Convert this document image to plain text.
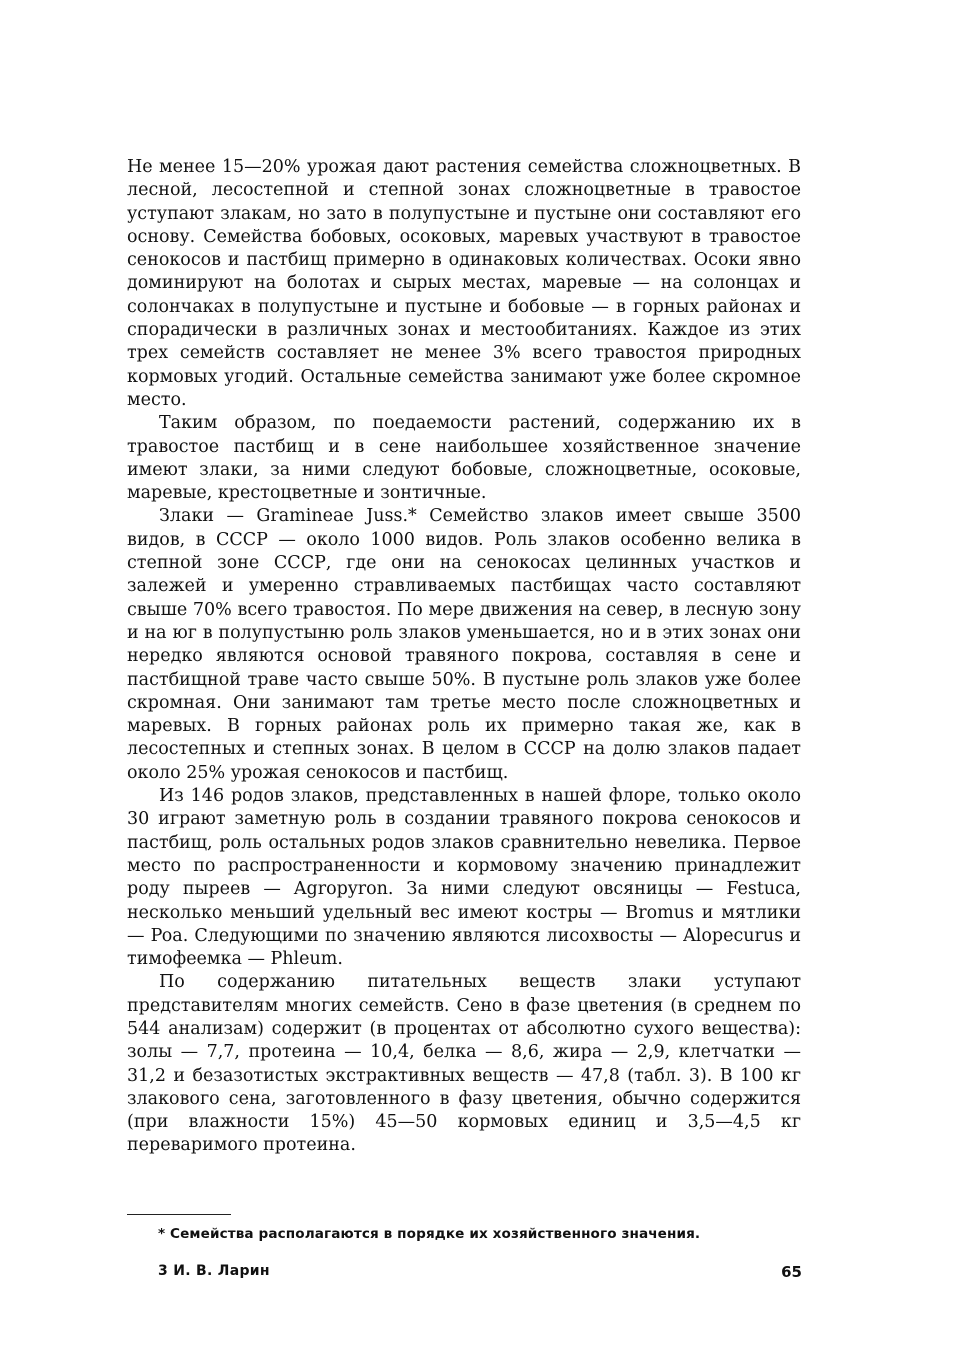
Не менее 15—20% урожая дают растения семейства сложноцветных. В лесной, лесостепной и степной зонах сложноцветные в травостое уступают злакам, но зато в полупустыне и пустыне они составляют его основу. Семейства бобовых, осоковых, маревых участвуют в травостое сенокосов и пастбищ примерно в одинаковых количествах. Осоки явно доминируют на болотах и сырых местах, маревые — на солонцах и солончаках в полупустыне и пустыне и бобовые — в горных районах и спорадически в различных зонах и местообитаниях. Каждое из этих трех семейств составляет не менее 3% всего травостоя природных кормовых угодий. Остальные семейства занимают уже более скромное место.

Таким образом, по поедаемости растений, содержанию их в травостое пастбищ и в сене наибольшее хозяйственное значение имеют злаки, за ними следуют бобовые, сложноцветные, осоковые, маревые, крестоцветные и зонтичные.

Злаки — Gramineae Juss.* Семейство злаков имеет свыше 3500 видов, в СССР — около 1000 видов. Роль злаков особенно велика в степной зоне СССР, где они на сенокосах целинных участков и залежей и умеренно стравливаемых пастбищах часто составляют свыше 70% всего травостоя. По мере движения на север, в лесную зону и на юг в полупустыню роль злаков уменьшается, но и в этих зонах они нередко являются основой травяного покрова, составляя в сене и пастбищной траве часто свыше 50%. В пустыне роль злаков уже более скромная. Они занимают там третье место после сложноцветных и маревых. В горных районах роль их примерно такая же, как в лесостепных и степных зонах. В целом в СССР на долю злаков падает около 25% урожая сенокосов и пастбищ.

Из 146 родов злаков, представленных в нашей флоре, только около 30 играют заметную роль в создании травяного покрова сенокосов и пастбищ, роль остальных родов злаков сравнительно невелика. Первое место по распространенности и кормовому значению принадлежит роду пыреев — Agropyron. За ними следуют овсяницы — Festuca, несколько меньший удельный вес имеют костры — Bromus и мятлики — Poa. Следующими по значению являются лисохвосты — Alopecurus и тимофеемка — Phleum.

По содержанию питательных веществ злаки уступают представителям многих семейств. Сено в фазе цветения (в среднем по 544 анализам) содержит (в процентах от абсолютно сухого вещества): золы — 7,7, протеина — 10,4, белка — 8,6, жира — 2,9, клетчатки — 31,2 и безазотистых экстрактивных веществ — 47,8 (табл. 3). В 100 кг злакового сена, заготовленного в фазу цветения, обычно содержится (при влажности 15%) 45—50 кормовых единиц и 3,5—4,5 кг переваримого протеина.

* Семейства располагаются в порядке их хозяйственного значения.
3 И. В. Ларин	65
